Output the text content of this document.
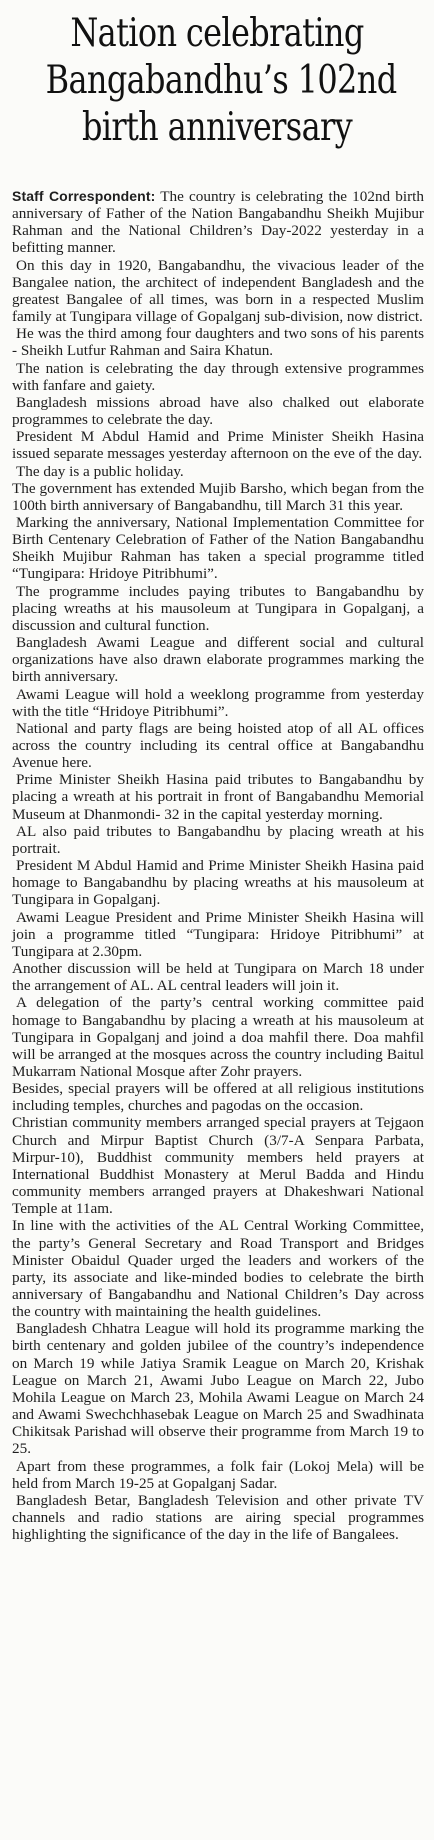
Nation celebrating
Bangabandhu’s 102nd
birth anniversary

Staff Correspondent: The country is celebrating the 102nd birth anniversary of Father of the Nation Bangabandhu Sheikh Mujibur Rahman and the National Children’s Day-2022 yesterday in a befitting manner.

On this day in 1920, Bangabandhu, the vivacious leader of the Bangalee nation, the architect of independent Bangladesh and the greatest Bangalee of all times, was born in a respected Muslim family at Tungipara village of Gopalganj sub-division, now district.

He was the third among four daughters and two sons of his parents - Sheikh Lutfur Rahman and Saira Khatun.

The nation is celebrating the day through extensive programmes with fanfare and gaiety.

Bangladesh missions abroad have also chalked out elaborate programmes to celebrate the day.

President M Abdul Hamid and Prime Minister Sheikh Hasina issued separate messages yesterday afternoon on the eve of the day.

The day is a public holiday.

The government has extended Mujib Barsho, which began from the 100th birth anniversary of Bangabandhu, till March 31 this year.

Marking the anniversary, National Implementation Committee for Birth Centenary Celebration of Father of the Nation Bangabandhu Sheikh Mujibur Rahman has taken a special programme titled “Tungipara: Hridoye Pitribhumi”.

The programme includes paying tributes to Bangabandhu by placing wreaths at his mausoleum at Tungipara in Gopalganj, a discussion and cultural function.

Bangladesh Awami League and different social and cultural organizations have also drawn elaborate programmes marking the birth anniversary.

Awami League will hold a weeklong programme from yesterday with the title “Hridoye Pitribhumi”.

National and party flags are being hoisted atop of all AL offices across the country including its central office at Bangabandhu Avenue here.

Prime Minister Sheikh Hasina paid tributes to Bangabandhu by placing a wreath at his portrait in front of Bangabandhu Memorial Museum at Dhanmondi- 32 in the capital yesterday morning.

AL also paid tributes to Bangabandhu by placing wreath at his portrait.

President M Abdul Hamid and Prime Minister Sheikh Hasina paid homage to Bangabandhu by placing wreaths at his mausoleum at Tungipara in Gopalganj.

Awami League President and Prime Minister Sheikh Hasina will join a programme titled “Tungipara: Hridoye Pitribhumi” at Tungipara at 2.30pm.

Another discussion will be held at Tungipara on March 18 under the arrangement of AL. AL central leaders will join it.

A delegation of the party’s central working committee paid homage to Bangabandhu by placing a wreath at his mausoleum at Tungipara in Gopalganj and joind a doa mahfil there. Doa mahfil will be arranged at the mosques across the country including Baitul Mukarram National Mosque after Zohr prayers.

Besides, special prayers will be offered at all religious institutions including temples, churches and pagodas on the occasion.

Christian community members arranged special prayers at Tejgaon Church and Mirpur Baptist Church (3/7-A Senpara Parbata, Mirpur-10), Buddhist community members held prayers at International Buddhist Monastery at Merul Badda and Hindu community members arranged prayers at Dhakeshwari National Temple at 11am.

In line with the activities of the AL Central Working Committee, the party’s General Secretary and Road Transport and Bridges Minister Obaidul Quader urged the leaders and workers of the party, its associate and like-minded bodies to celebrate the birth anniversary of Bangabandhu and National Children’s Day across the country with maintaining the health guidelines.

Bangladesh Chhatra League will hold its programme marking the birth centenary and golden jubilee of the country’s independence on March 19 while Jatiya Sramik League on March 20, Krishak League on March 21, Awami Jubo League on March 22, Jubo Mohila League on March 23, Mohila Awami League on March 24 and Awami Swechchhasebak League on March 25 and Swadhinata Chikitsak Parishad will observe their programme from March 19 to 25.

Apart from these programmes, a folk fair (Lokoj Mela) will be held from March 19-25 at Gopalganj Sadar.

Bangladesh Betar, Bangladesh Television and other private TV channels and radio stations are airing special programmes highlighting the significance of the day in the life of Bangalees.
